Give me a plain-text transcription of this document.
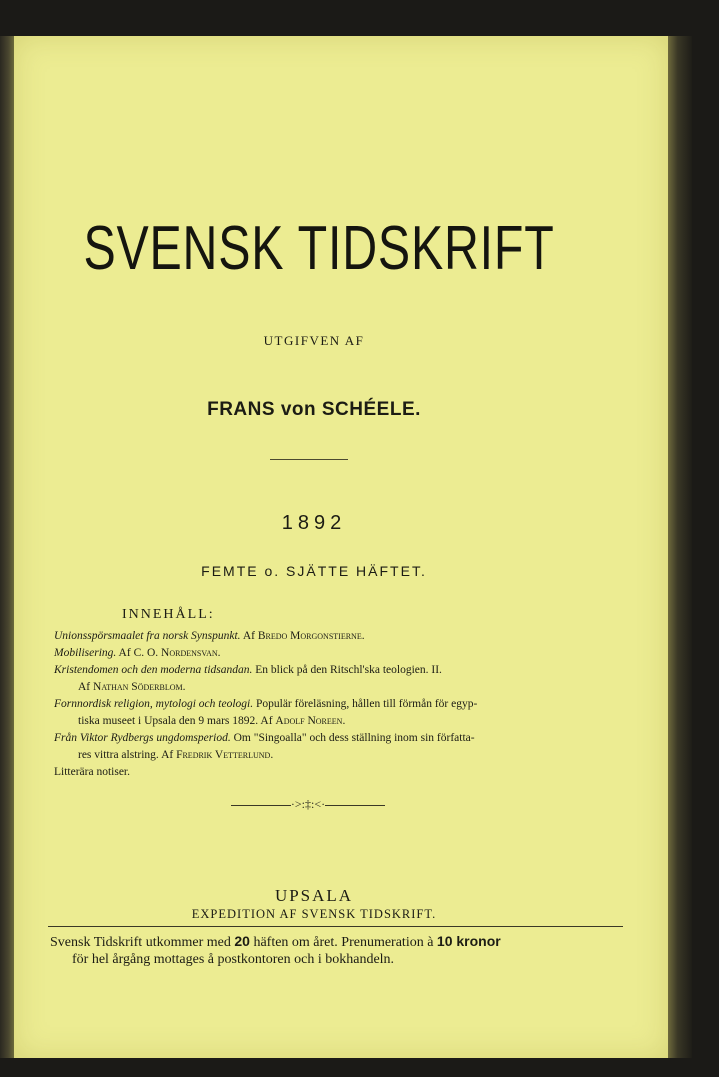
SVENSK TIDSKRIFT
UTGIFVEN AF
FRANS von SCHÉELE.
1892
FEMTE o. SJÄTTE HÄFTET.
INNEHÅLL:
Unionsspörsmaalet fra norsk Synspunkt. Af Bredo Morgonstierne.
Mobilisering. Af C. O. Nordensvan.
Kristendomen och den moderna tidsandan. En blick på den Ritschl'ska teologien. II.
Af Nathan Söderblom.
Fornnordisk religion, mytologi och teologi. Populär föreläsning, hållen till förmån för egyp-
tiska museet i Upsala den 9 mars 1892. Af Adolf Noreen.
Från Viktor Rydbergs ungdomsperiod. Om "Singoalla" och dess ställning inom sin författa-
res vittra alstring. Af Fredrik Vetterlund.
Litterära notiser.
·>:‡:<·
UPSALA
EXPEDITION AF SVENSK TIDSKRIFT.
Svensk Tidskrift utkommer med 20 häften om året. Prenumeration à 10 kronor
för hel årgång mottages å postkontoren och i bokhandeln.
